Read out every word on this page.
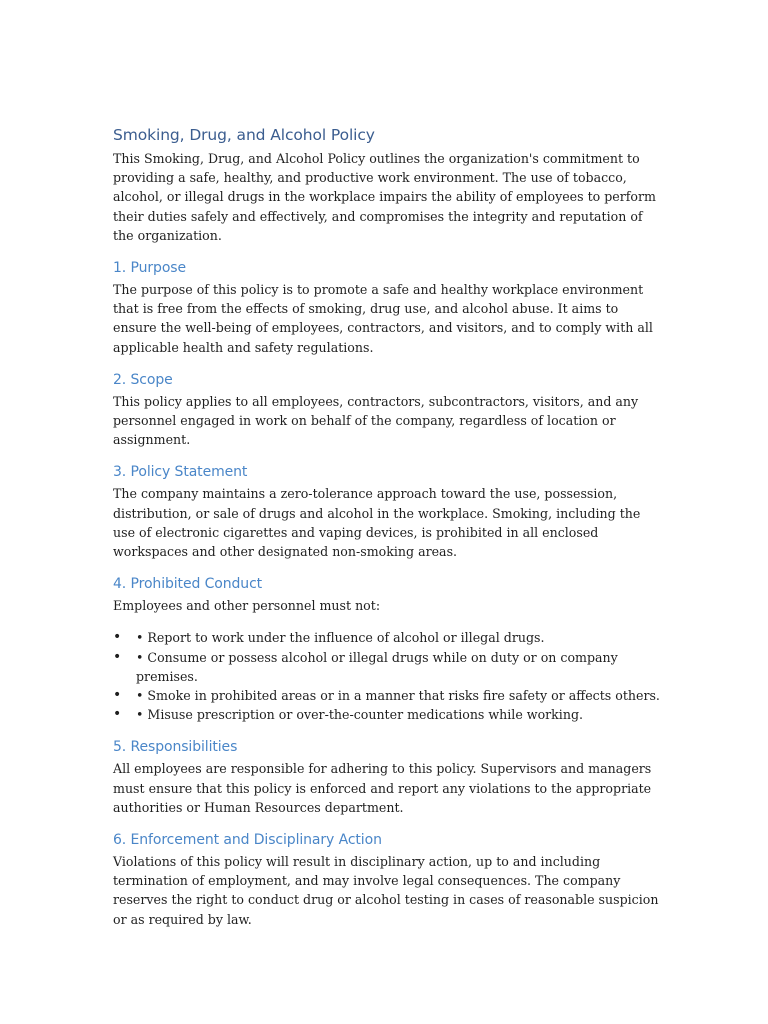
Smoking, Drug, and Alcohol Policy

This Smoking, Drug, and Alcohol Policy outlines the organization's commitment to providing a safe, healthy, and productive work environment. The use of tobacco, alcohol, or illegal drugs in the workplace impairs the ability of employees to perform their duties safely and effectively, and compromises the integrity and reputation of the organization.

1. Purpose

The purpose of this policy is to promote a safe and healthy workplace environment that is free from the effects of smoking, drug use, and alcohol abuse. It aims to ensure the well-being of employees, contractors, and visitors, and to comply with all applicable health and safety regulations.

2. Scope

This policy applies to all employees, contractors, subcontractors, visitors, and any personnel engaged in work on behalf of the company, regardless of location or assignment.

3. Policy Statement

The company maintains a zero-tolerance approach toward the use, possession, distribution, or sale of drugs and alcohol in the workplace. Smoking, including the use of electronic cigarettes and vaping devices, is prohibited in all enclosed workspaces and other designated non-smoking areas.

4. Prohibited Conduct

Employees and other personnel must not:

• • Report to work under the influence of alcohol or illegal drugs.
• • Consume or possess alcohol or illegal drugs while on duty or on company premises.
• • Smoke in prohibited areas or in a manner that risks fire safety or affects others.
• • Misuse prescription or over-the-counter medications while working.
5. Responsibilities

All employees are responsible for adhering to this policy. Supervisors and managers must ensure that this policy is enforced and report any violations to the appropriate authorities or Human Resources department.

6. Enforcement and Disciplinary Action

Violations of this policy will result in disciplinary action, up to and including termination of employment, and may involve legal consequences. The company reserves the right to conduct drug or alcohol testing in cases of reasonable suspicion or as required by law.
